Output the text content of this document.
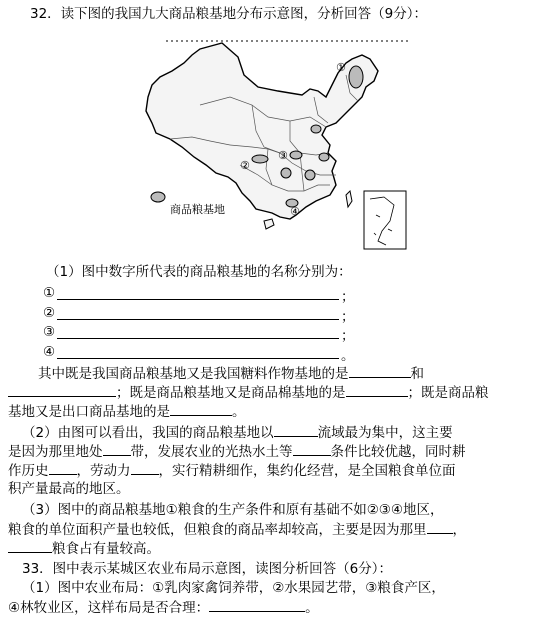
32．读下图的我国九大商品粮基地分布示意图，分析回答（9分）：
①
②
③
④
商品粮基地
（1）图中数字所代表的商品粮基地的名称分别为：
①	；
②	；
③	；
④	。
其中既是我国商品粮基地又是我国糖料作物基地的是	和
；既是商品粮基地又是商品棉基地的是	；既是商品粮
基地又是出口商品基地的是	。
（2）由图可以看出，我国的商品粮基地以	流域最为集中，这主要
是因为那里地处 带，发展农业的光热水土等	条件比较优越，同时耕
作历史 ，劳动力 ，实行精耕细作，集约化经营，是全国粮食单位面
积产量最高的地区。
（3）图中的商品粮基地①粮食的生产条件和原有基础不如②③④地区，
粮食的单位面积产量也较低，但粮食的商品率却较高，主要是因为那里 ，
粮食占有量较高。
33．图中表示某城区农业布局示意图，读图分析回答（6分）：
（1）图中农业布局：①乳肉家禽饲养带，②水果园艺带，③粮食产区，
④林牧业区，这样布局是否合理：	。
